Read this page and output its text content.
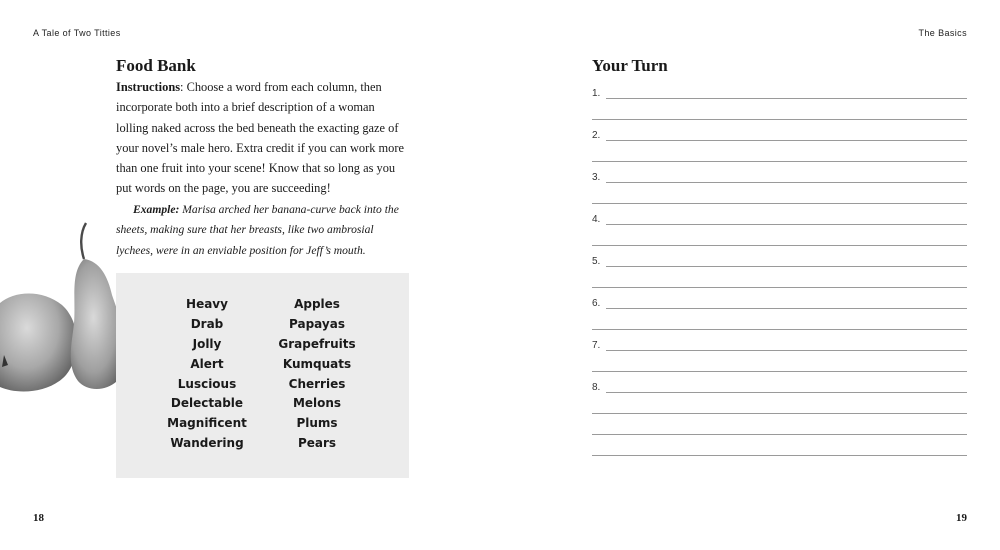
A Tale of Two Titties	The Basics
Food Bank

Instructions: Choose a word from each column, then incorporate both into a brief description of a woman lolling naked across the bed beneath the exacting gaze of your novel’s male hero. Extra credit if you can work more than one fruit into your scene! Know that so long as you put words on the page, you are succeeding!

Example: Marisa arched her banana-curve back into the sheets, making sure that her breasts, like two ambrosial lychees, were in an enviable position for Jeff’s mouth.

Heavy
Drab
Jolly
Alert
Luscious
Delectable
Magnificent
Wandering
Apples
Papayas
Grapefruits
Kumquats
Cherries
Melons
Plums
Pears
18
Your Turn
1.
2.
3.
4.
5.
6.
7.
8.
19
